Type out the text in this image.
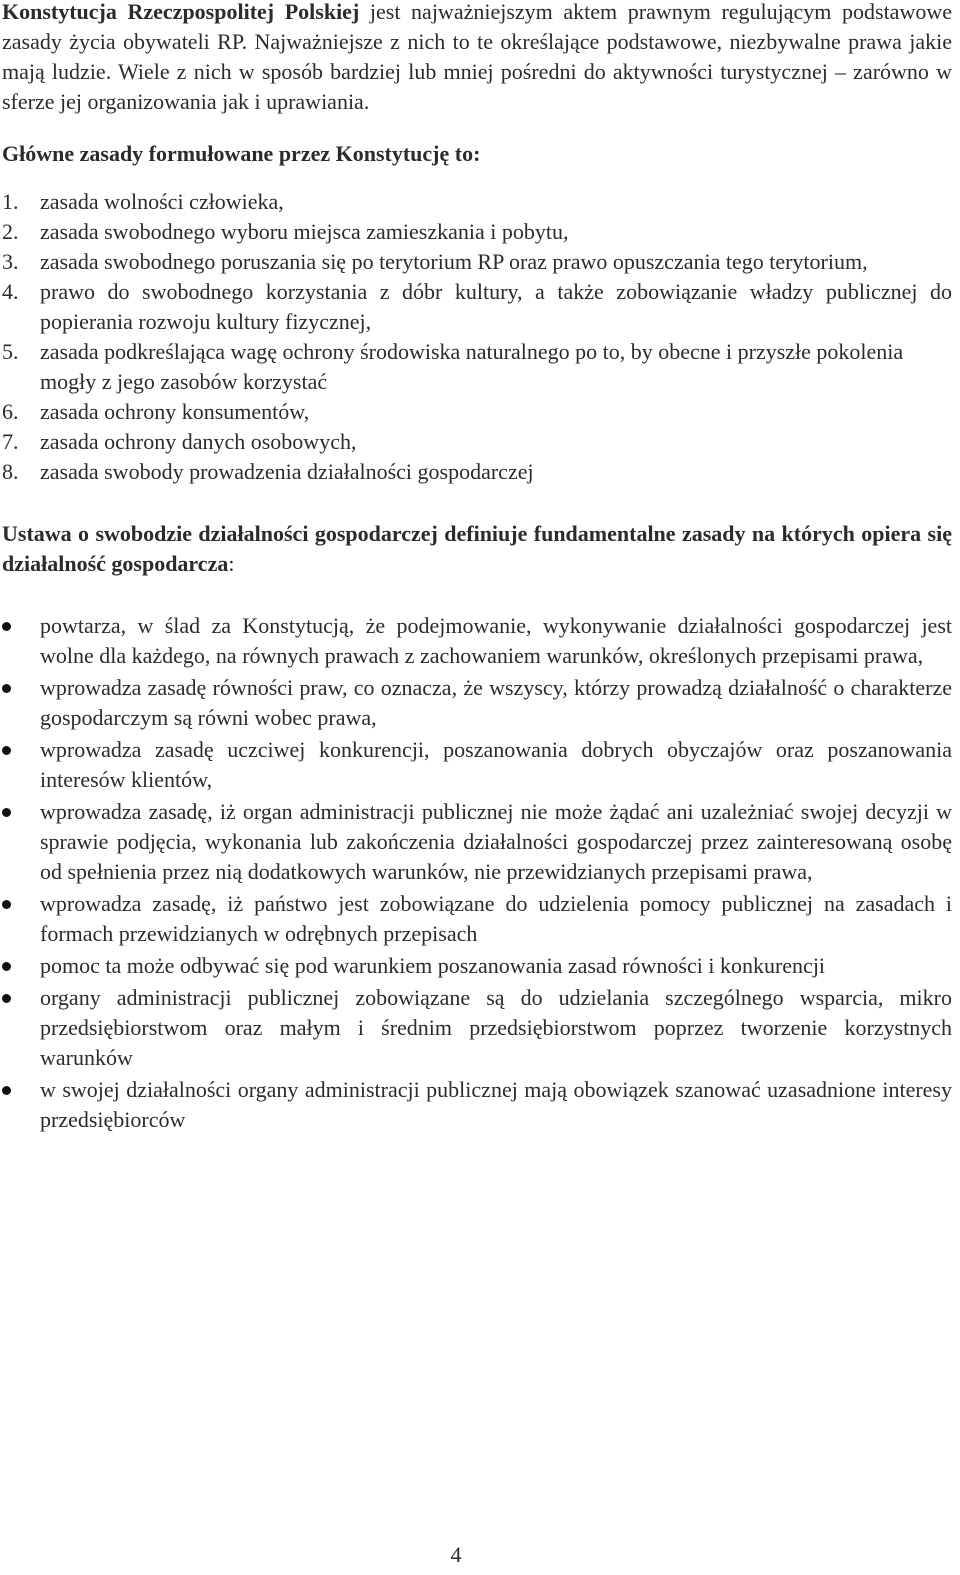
Konstytucja Rzeczpospolitej Polskiej jest najważniejszym aktem prawnym regulującym podstawowe zasady życia obywateli RP. Najważniejsze z nich to te określające podstawowe, niezbywalne prawa jakie mają ludzie. Wiele z nich w sposób bardziej lub mniej pośredni do aktywności turystycznej – zarówno w sferze jej organizowania jak i uprawiania.

Główne zasady formułowane przez Konstytucję to:

1. zasada wolności człowieka,
2. zasada swobodnego wyboru miejsca zamieszkania i pobytu,
3. zasada swobodnego poruszania się po terytorium RP oraz prawo opuszczania tego terytorium,
4. prawo do swobodnego korzystania z dóbr kultury, a także zobowiązanie władzy publicznej do popierania rozwoju kultury fizycznej,
5. zasada podkreślająca wagę ochrony środowiska naturalnego po to, by obecne i przyszłe pokolenia mogły z jego zasobów korzystać
6. zasada ochrony konsumentów,
7. zasada ochrony danych osobowych,
8. zasada swobody prowadzenia działalności gospodarczej

Ustawa o swobodzie działalności gospodarczej definiuje fundamentalne zasady na których opiera się działalność gospodarcza:

powtarza, w ślad za Konstytucją, że podejmowanie, wykonywanie działalności gospodarczej jest wolne dla każdego, na równych prawach z zachowaniem warunków, określonych przepisami prawa,
wprowadza zasadę równości praw, co oznacza, że wszyscy, którzy prowadzą działalność o charakterze gospodarczym są równi wobec prawa,
wprowadza zasadę uczciwej konkurencji, poszanowania dobrych obyczajów oraz poszanowania interesów klientów,
wprowadza zasadę, iż organ administracji publicznej nie może żądać ani uzależniać swojej decyzji w sprawie podjęcia, wykonania lub zakończenia działalności gospodarczej przez zainteresowaną osobę od spełnienia przez nią dodatkowych warunków, nie przewidzianych przepisami prawa,
wprowadza zasadę, iż państwo jest zobowiązane do udzielenia pomocy publicznej na zasadach i formach przewidzianych w odrębnych przepisach
pomoc ta może odbywać się pod warunkiem poszanowania zasad równości i konkurencji
organy administracji publicznej zobowiązane są do udzielania szczególnego wsparcia, mikro przedsiębiorstwom oraz małym i średnim przedsiębiorstwom poprzez tworzenie korzystnych warunków
w swojej działalności organy administracji publicznej mają obowiązek szanować uzasadnione interesy przedsiębiorców
4
